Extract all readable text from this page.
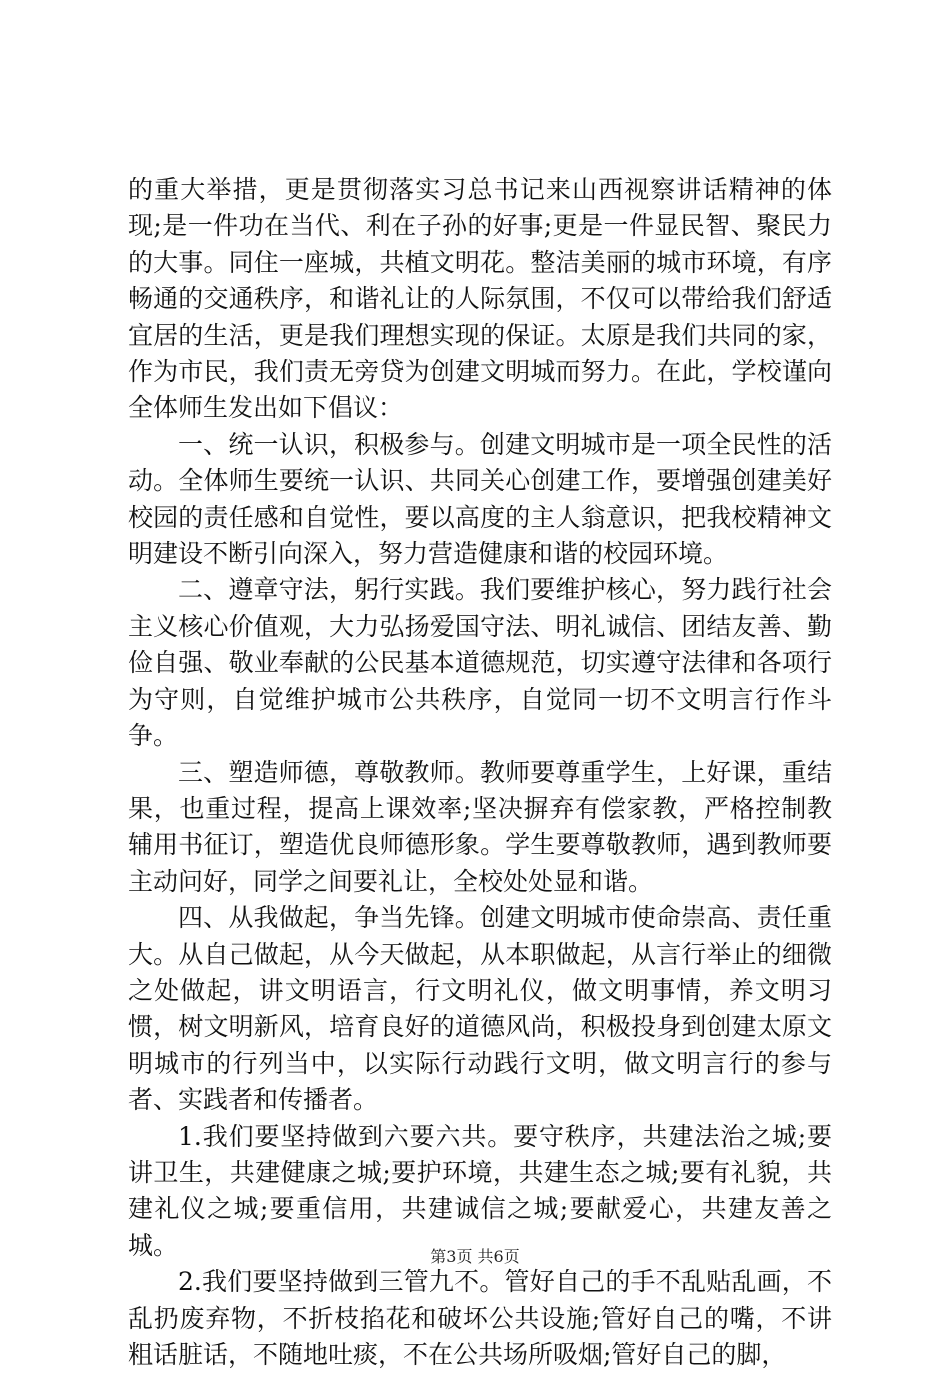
的重大举措，更是贯彻落实习总书记来山西视察讲话精神的体现;是一件功在当代、利在子孙的好事;更是一件显民智、聚民力的大事。同住一座城，共植文明花。整洁美丽的城市环境，有序畅通的交通秩序，和谐礼让的人际氛围，不仅可以带给我们舒适宜居的生活，更是我们理想实现的保证。太原是我们共同的家，作为市民，我们责无旁贷为创建文明城而努力。在此，学校谨向全体师生发出如下倡议：

一、统一认识，积极参与。创建文明城市是一项全民性的活动。全体师生要统一认识、共同关心创建工作，要增强创建美好校园的责任感和自觉性，要以高度的主人翁意识，把我校精神文明建设不断引向深入，努力营造健康和谐的校园环境。

二、遵章守法，躬行实践。我们要维护核心，努力践行社会主义核心价值观，大力弘扬爱国守法、明礼诚信、团结友善、勤俭自强、敬业奉献的公民基本道德规范，切实遵守法律和各项行为守则，自觉维护城市公共秩序，自觉同一切不文明言行作斗争。

三、塑造师德，尊敬教师。教师要尊重学生，上好课，重结果，也重过程，提高上课效率;坚决摒弃有偿家教，严格控制教辅用书征订，塑造优良师德形象。学生要尊敬教师，遇到教师要主动问好，同学之间要礼让，全校处处显和谐。

四、从我做起，争当先锋。创建文明城市使命崇高、责任重大。从自己做起，从今天做起，从本职做起，从言行举止的细微之处做起，讲文明语言，行文明礼仪，做文明事情，养文明习惯，树文明新风，培育良好的道德风尚，积极投身到创建太原文明城市的行列当中，以实际行动践行文明，做文明言行的参与者、实践者和传播者。

1.我们要坚持做到六要六共。要守秩序，共建法治之城;要讲卫生，共建健康之城;要护环境，共建生态之城;要有礼貌，共建礼仪之城;要重信用，共建诚信之城;要献爱心，共建友善之城。

2.我们要坚持做到三管九不。管好自己的手不乱贴乱画，不乱扔废弃物，不折枝掐花和破坏公共设施;管好自己的嘴，不讲粗话脏话，不随地吐痰，不在公共场所吸烟;管好自己的脚，

第3页 共6页
